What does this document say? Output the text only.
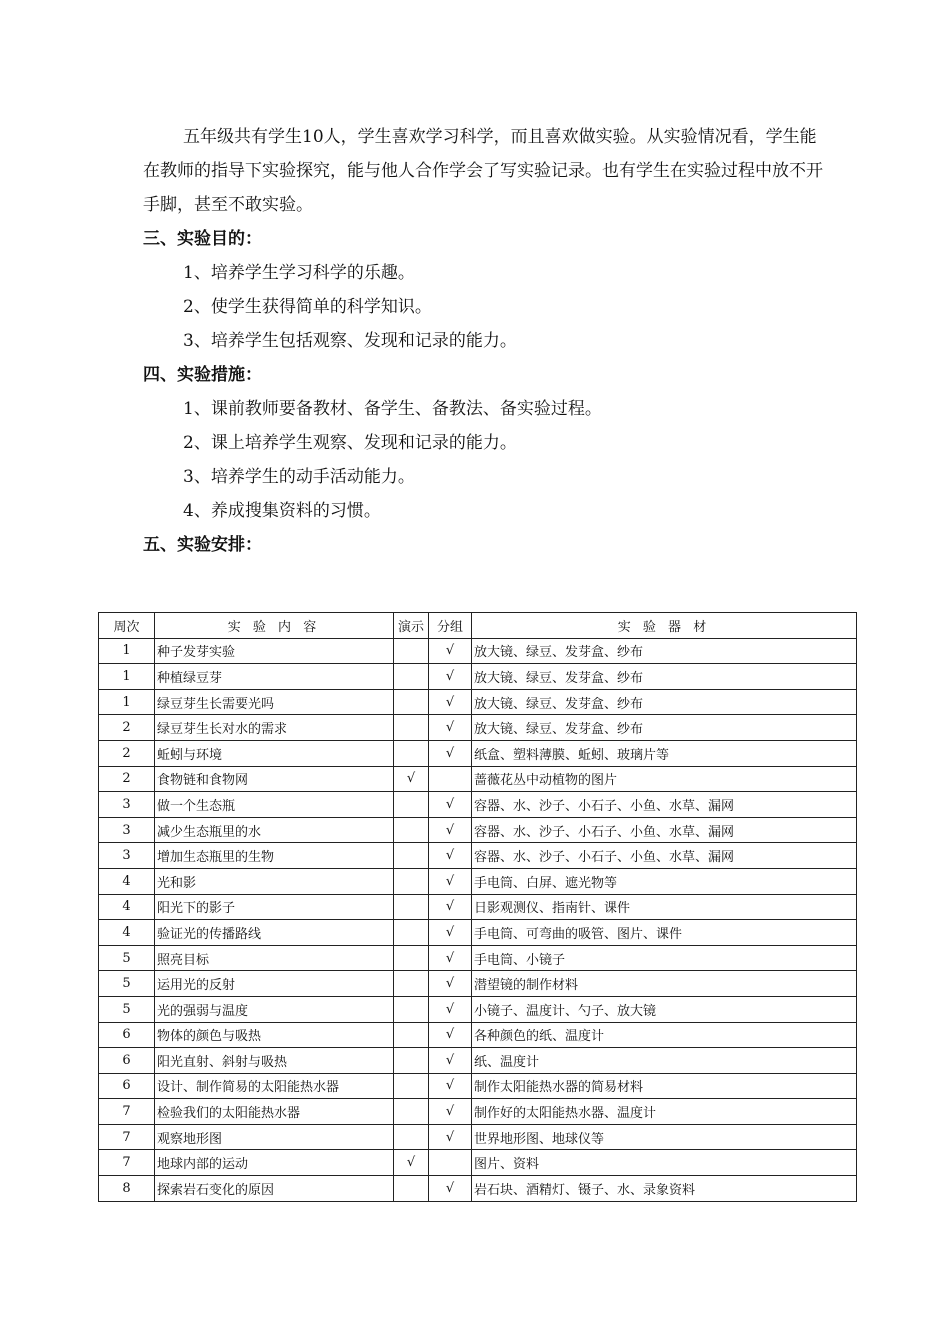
五年级共有学生10人，学生喜欢学习科学，而且喜欢做实验。从实验情况看，学生能在教师的指导下实验探究，能与他人合作学会了写实验记录。也有学生在实验过程中放不开手脚，甚至不敢实验。

三、实验目的：

1、培养学生学习科学的乐趣。

2、使学生获得简单的科学知识。

3、培养学生包括观察、发现和记录的能力。

四、实验措施：

1、课前教师要备教材、备学生、备教法、备实验过程。

2、课上培养学生观察、发现和记录的能力。

3、培养学生的动手活动能力。

4、养成搜集资料的习惯。

五、实验安排：

周次	实 验 内 容	演示	分组	实 验 器 材
1	种子发芽实验		√	放大镜、绿豆、发芽盒、纱布
1	种植绿豆芽		√	放大镜、绿豆、发芽盒、纱布
1	绿豆芽生长需要光吗		√	放大镜、绿豆、发芽盒、纱布
2	绿豆芽生长对水的需求		√	放大镜、绿豆、发芽盒、纱布
2	蚯蚓与环境		√	纸盒、塑料薄膜、蚯蚓、玻璃片等
2	食物链和食物网	√		蔷薇花丛中动植物的图片
3	做一个生态瓶		√	容器、水、沙子、小石子、小鱼、水草、漏网
3	减少生态瓶里的水		√	容器、水、沙子、小石子、小鱼、水草、漏网
3	增加生态瓶里的生物		√	容器、水、沙子、小石子、小鱼、水草、漏网
4	光和影		√	手电筒、白屏、遮光物等
4	阳光下的影子		√	日影观测仪、指南针、课件
4	验证光的传播路线		√	手电筒、可弯曲的吸管、图片、课件
5	照亮目标		√	手电筒、小镜子
5	运用光的反射		√	潜望镜的制作材料
5	光的强弱与温度		√	小镜子、温度计、勺子、放大镜
6	物体的颜色与吸热		√	各种颜色的纸、温度计
6	阳光直射、斜射与吸热		√	纸、温度计
6	设计、制作简易的太阳能热水器		√	制作太阳能热水器的简易材料
7	检验我们的太阳能热水器		√	制作好的太阳能热水器、温度计
7	观察地形图		√	世界地形图、地球仪等
7	地球内部的运动	√		图片、资料
8	探索岩石变化的原因		√	岩石块、酒精灯、镊子、水、录象资料
